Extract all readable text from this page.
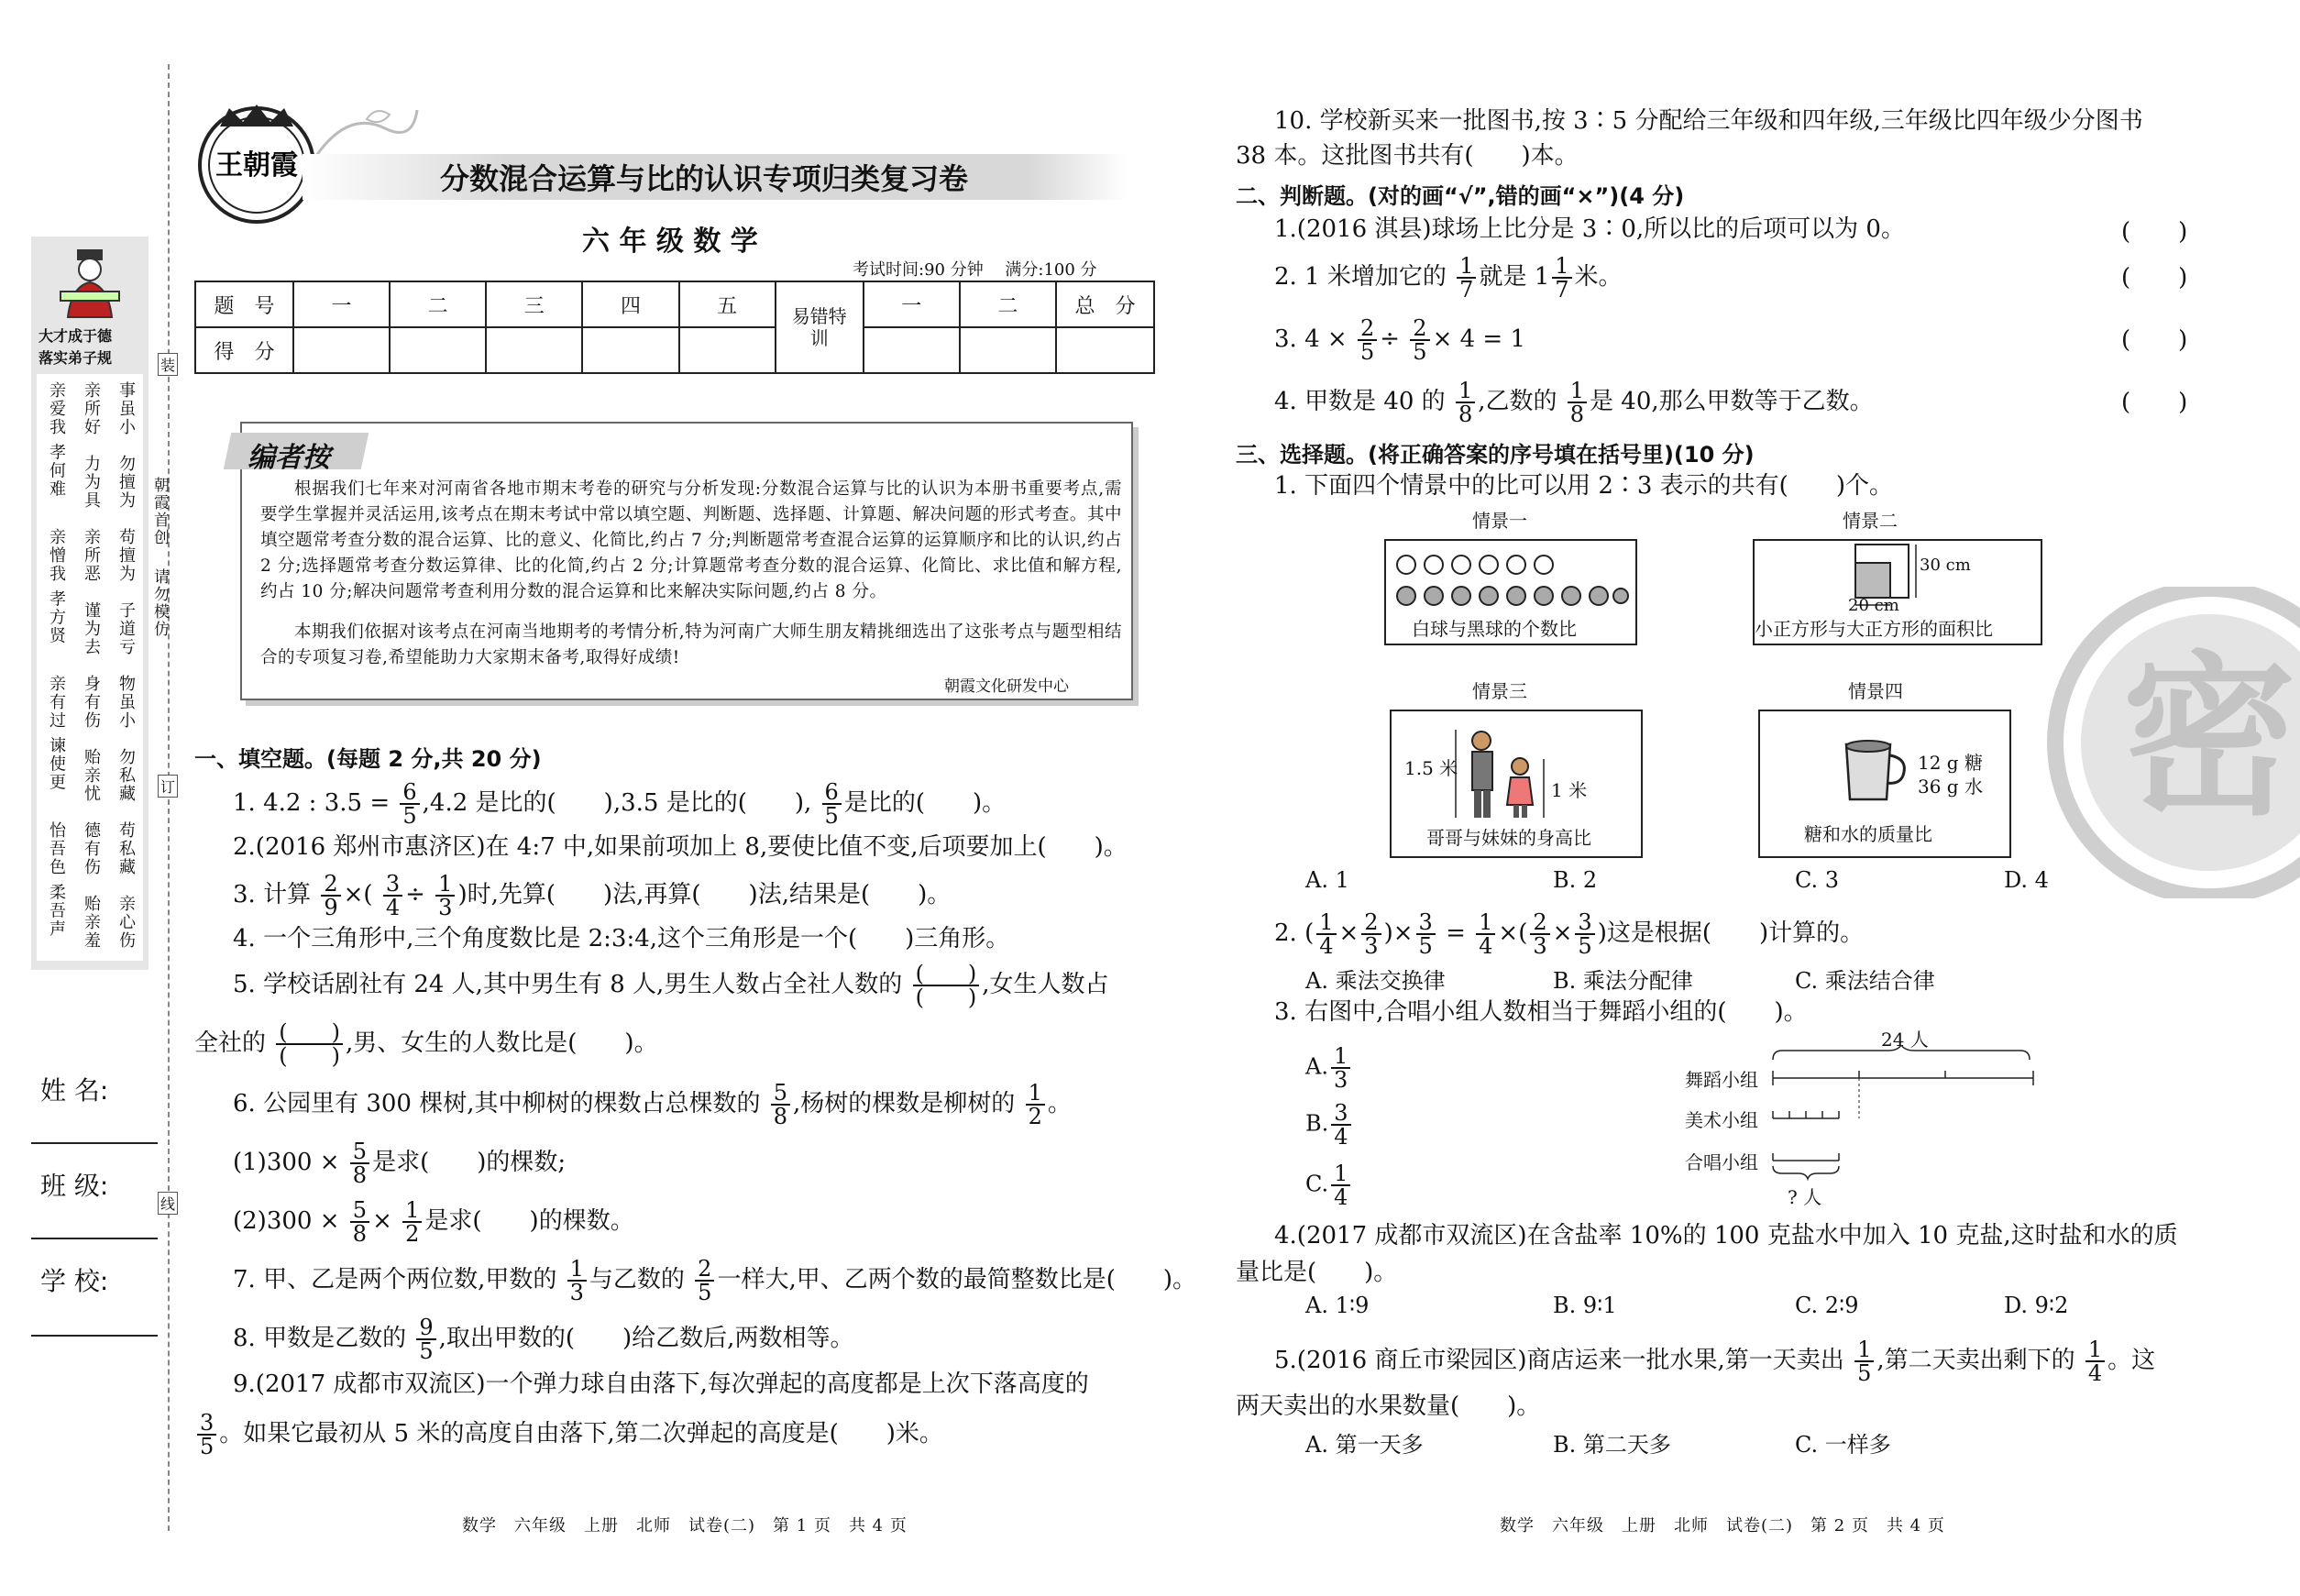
大才成于德
落实弟子规
事虽小
勿擅为
苟擅为
子道亏
物虽小
勿私藏
苟私藏
亲心伤
亲所好
力为具
亲所恶
谨为去
身有伤
贻亲忧
德有伤
贻亲羞
亲爱我 孝何难
亲憎我 孝方贤
亲有过 谏使更
怡吾色 柔吾声
朝霞首创
请勿模仿
装
订
线
姓 名:
班 级:
学 校:
王朝霞	分数混合运算与比的认识专项归类复习卷
六 年 级 数 学
考试时间:90 分钟　 满分:100 分
题　号	一	二	三	四	五	易错特训	一	二	总　分
得　分									
编者按
根据我们七年来对河南省各地市期末考卷的研究与分析发现:分数混合运算与比的认识为本册书重要考点,需要学生掌握并灵活运用,该考点在期末考试中常以填空题、判断题、选择题、计算题、解决问题的形式考查。其中填空题常考查分数的混合运算、比的意义、化简比,约占 7 分;判断题常考查混合运算的运算顺序和比的认识,约占 2 分;选择题常考查分数运算律、比的化简,约占 2 分;计算题常考查分数的混合运算、化简比、求比值和解方程,约占 10 分;解决问题常考查利用分数的混合运算和比来解决实际问题,约占 8 分。
本期我们依据对该考点在河南当地期考的考情分析,特为河南广大师生朋友精挑细选出了这张考点与题型相结合的专项复习卷,希望能助力大家期末备考,取得好成绩!
朝霞文化研发中心
一、填空题。(每题 2 分,共 20 分)
1. 4.2 : $3.5 = \frac{6}{5} ,4.2$ 是比的(　　),3.5 是比的(　　), $\frac{6}{5}$ 是比的(　　)。
2.(2016 郑州市惠济区)在 4:7 中,如果前项加上 8,要使比值不变,后项要加上(　　)。
3. 计算 $\frac{2}{9}$ ×( $\frac{3}{4} \div \frac{1}{3}$ )时,先算(　　)法,再算(　　)法,结果是(　　)。
4. 一个三角形中,三个角度数比是 2:3:4,这个三角形是一个(　　)三角形。
5. 学校话剧社有 24 人,其中男生有 8 人,男生人数占全社人数的 $\frac{( )}{( )}$ ,女生人数占
全社的 $\frac{( )}{( )}$ ,男、女生的人数比是(　　)。
6. 公园里有 300 棵树,其中柳树的棵数占总棵数的 $\frac{5}{8}$ ,杨树的棵数是柳树的 $\frac{1}{2}$ 。
$(1)300 \times \frac{5}{8}$ 是求(　　)的棵数;
$(2)300 \times \frac{5}{8} \times \frac{1}{2}$ 是求(　　)的棵数。
7. 甲、乙是两个两位数,甲数的 $\frac{1}{3}$ 与乙数的 $\frac{2}{5}$ 一样大,甲、乙两个数的最简整数比是(　　)。
8. 甲数是乙数的 $\frac{9}{5}$ ,取出甲数的(　　)给乙数后,两数相等。
9.(2017 成都市双流区)一个弹力球自由落下,每次弹起的高度都是上次下落高度的
$\frac{3}{5}$ 。如果它最初从 5 米的高度自由落下,第二次弹起的高度是(　　)米。
数学　六年级　上册　北师　试卷(二)　第 1 页　共 4 页
10. 学校新买来一批图书,按 3∶5 分配给三年级和四年级,三年级比四年级少分图书
38 本。这批图书共有(　　)本。
二、判断题。(对的画“√”,错的画“×”)(4 分)
1.(2016 淇县)球场上比分是 3∶0,所以比的后项可以为 0。	(　　)
2. 1 米增加它的 $\frac{1}{7}$ 就是 $1 \frac{1}{7}$ 米。	(　　)
3. $4 \times \frac{2}{5} \div \frac{2}{5} \times 4 = 1$	(　　)
4. 甲数是 40 的 $\frac{1}{8}$ ,乙数的 $\frac{1}{8}$ 是 40,那么甲数等于乙数。	(　　)
三、选择题。(将正确答案的序号填在括号里)(10 分)
1. 下面四个情景中的比可以用 2∶3 表示的共有(　　)个。
情景一
白球与黑球的个数比
情景二
30 cm
20 cm
小正方形与大正方形的面积比
情景三
1.5 米
1 米
哥哥与妹妹的身高比
情景四
12 g 糖
36 g 水
糖和水的质量比
A. 1	B. 2	C. 3	D. 4
2. ( $\frac{1}{4} \times \frac{2}{3}$ )× $\frac{3}{5} = \frac{1}{4}$ ×( $\frac{2}{3} \times \frac{3}{5}$ )这是根据(　　)计算的。
A. 乘法交换律	B. 乘法分配律	C. 乘法结合律
3. 右图中,合唱小组人数相当于舞蹈小组的(　　)。
A. $\frac{1}{3}$
B. $\frac{3}{4}$
C. $\frac{1}{4}$
24 人
舞蹈小组
美术小组
合唱小组
? 人
4.(2017 成都市双流区)在含盐率 10%的 100 克盐水中加入 10 克盐,这时盐和水的质
量比是(　　)。
A. 1∶9	B. 9∶1	C. 2∶9	D. 9∶2
5.(2016 商丘市梁园区)商店运来一批水果,第一天卖出 $\frac{1}{5}$ ,第二天卖出剩下的 $\frac{1}{4}$ 。这
两天卖出的水果数量(　　)。
A. 第一天多	B. 第二天多	C. 一样多
数学　六年级　上册　北师　试卷(二)　第 2 页　共 4 页
密
